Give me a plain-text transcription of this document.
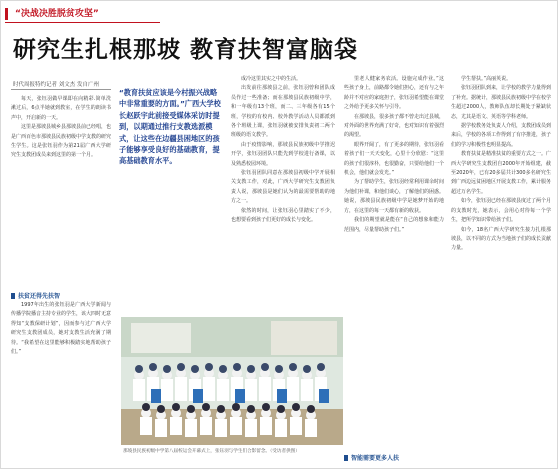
“决战决胜脱贫攻坚”
研究生扎根那坡 教育扶智富脑袋
时代周报特约记者 刘文杰 发自广州

每天，张钰羽做早课即在向精彩.简单洗漱过后，6点半她就到教室，在学生的朗读书声中，开启新的一天。

这里是那坡县城乡县那坡县前已经唱，也是广西百色市那坡县民族初级中学支教的研究生学生。这是张钰羽作为第21届广西大学研究生支教团成员来到这里的第一个月。

“教育扶贫应该是今村振兴战略中非常重要的方面。”广西大学校长赵跃宇此前接受媒体采访时提到，以期通过推行支教选派模式，让这些在边疆县困地区的孩子能够享受良好的基础教育，提高基础教育水平。
扶贫还得先扶智

1997年出生的张钰羽是广西大学新闻与传播学院播音主持专业的学生，该大四时无意得知“支教保研计划”，因而参与过广西大学研究生支教团成员，她对支教生活充满了期待。“我希望在这里能够积极踏实地帮助孩子们。”

成冷这里其实之中的生活。

出发前往那坡县之前，张钰羽曾和团队成员作过一些准备；而在那坡县民族初级中学，和一年级有13个班，而二、三年级各有15个班，学校的有校内、校外教学活动人员都派到各个班级上课，张钰羽就被安排负责初二两个班级的语文教学。

由于疫情影响，那坡县民族初级中学推迟开学，张钰羽团队只能先到学校进行备课，以及熟悉校园环境。

张钰羽团队同意在那坡县初级中学开展相关支教工作，对此，广西大学研究生支教团负责人说，那坡县是她们认为的最需要帮助的地方之一。

依然的时间，让张钰羽心里踏实了不少，也想要看到孩子们更好的成长与变化。

里老人健家务农活。设施完成作业。”这些孩子身上，前路都令她们担心，还有与之年龄并不对应的家庭担子，张钰羽希望能在课堂之外给予更多关怀与引导。

在那坡县，很多孩子都不曾走出过县城，对外面的世界充满了好奇，也对知识有着强烈的渴望。

眼界开阔了，有了更多的期待，张钰羽看着孩子们一天天变化，心里十分欣慰：“这里的孩子们很淳朴，也很勤奋，只要给他们一个机会，他们就会发光。”

为了帮助学生，张钰羽经常利用课余时间为他们补课，和他们谈心，了解他们的困惑。她说，那坡县民族初级中学是她梦开始的地方，在这里的每一天都有新的收获。

我们的期望就是能在“自己的想象和能力范围内，尽量帮助孩子们。”

智能需要更多人扶

学生帮扶。”高丽英说。

张钰羽团队到来，让学校的教学力量得到了补充。据统计，那坡县民族初级中学在校学生超过2000人，教师队伍却长期处于紧缺状态，尤其是语文、英语等学科老师。

据学校教务处负责人介绍，支教团成员到来后，学校的各项工作得到了有序推进，孩子们的学习积极性也明显提高。

教育扶贫是精准扶贫的重要方式之一。广西大学研究生支教团自2000年开始组建，截至2020年，已有20多届共计300多名研究生到广西边远贫困地区开展支教工作，累计服务超过万名学生。

如今，张钰羽已经在那坡县度过了两个月的支教时光，她表示，会用心对待每一个学生，把所学知识带给孩子们。

如今，18名广西大学研究生接力扎根那坡县，以不同的方式为当地孩子们的成长贡献力量。

那坡县民族初级中学第八届校运会开幕式上，张钰羽与学生们合影留念。（受访者供图）
